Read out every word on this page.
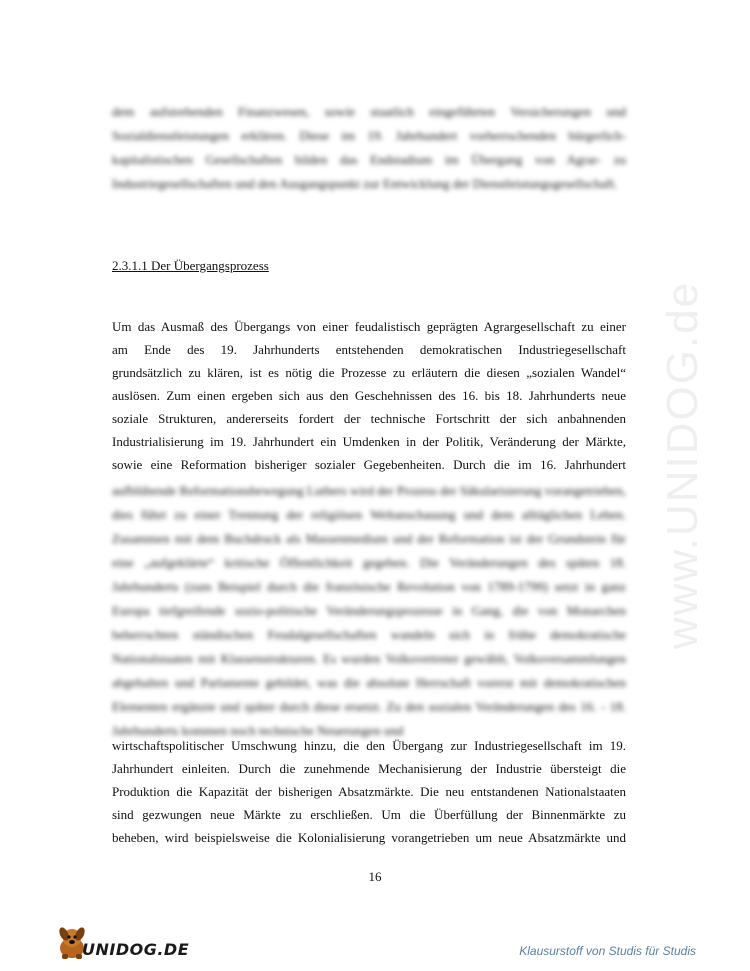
www.UNIDOG.de
dem aufstrebenden Finanzwesen, sowie staatlich eingeführten Versicherungen und Sozialdienstleistungen erklären. Diese im 19. Jahrhundert vorherrschenden bürgerlich-kapitalistischen Gesellschaften bilden das Endstadium im Übergang von Agrar- zu Industriegesellschaften und den Ausgangspunkt zur Entwicklung der Dienstleistungsgesellschaft.
2.3.1.1 Der Übergangsprozess

Um das Ausmaß des Übergangs von einer feudalistisch geprägten Agrargesellschaft zu einer
am Ende des 19. Jahrhunderts entstehenden demokratischen Industriegesellschaft
grundsätzlich zu klären, ist es nötig die Prozesse zu erläutern die diesen „sozialen Wandel“
auslösen. Zum einen ergeben sich aus den Geschehnissen des 16. bis 18. Jahrhunderts neue
soziale Strukturen, andererseits fordert der technische Fortschritt der sich anbahnenden
Industrialisierung im 19. Jahrhundert ein Umdenken in der Politik, Veränderung der Märkte,
sowie eine Reformation bisheriger sozialer Gegebenheiten. Durch die im 16. Jahrhundert

aufblühende Reformationsbewegung Luthers wird der Prozess der Säkularisierung vorangetrieben, dies führt zu einer Trennung der religiösen Weltanschauung und dem alltäglichen Leben. Zusammen mit dem Buchdruck als Massenmedium und der Reformation ist der Grundstein für eine „aufgeklärte“ kritische Öffentlichkeit gegeben. Die Veränderungen des späten 18. Jahrhunderts (zum Beispiel durch die französische Revolution von 1789-1799) setzt in ganz Europa tiefgreifende sozio-politische Veränderungsprozesse in Gang, die von Monarchen beherrschten ständischen Feudalgesellschaften wandeln sich in frühe demokratische Nationalstaaten mit Klassenstrukturen. Es wurden Volksvertreter gewählt, Volksversammlungen abgehalten und Parlamente gebildet, was die absolute Herrschaft vorerst mit demokratischen Elementen ergänzte und später durch diese ersetzt. Zu den sozialen Veränderungen des 16. - 18. Jahrhunderts kommen noch technische Neuerungen und

wirtschaftspolitischer Umschwung hinzu, die den Übergang zur Industriegesellschaft im 19.
Jahrhundert einleiten. Durch die zunehmende Mechanisierung der Industrie übersteigt die
Produktion die Kapazität der bisherigen Absatzmärkte. Die neu entstandenen Nationalstaaten
sind gezwungen neue Märkte zu erschließen. Um die Überfüllung der Binnenmärkte zu
beheben, wird beispielsweise die Kolonialisierung vorangetrieben um neue Absatzmärkte und

16
UNIDOG.DE	Klausurstoff von Studis für Studis
